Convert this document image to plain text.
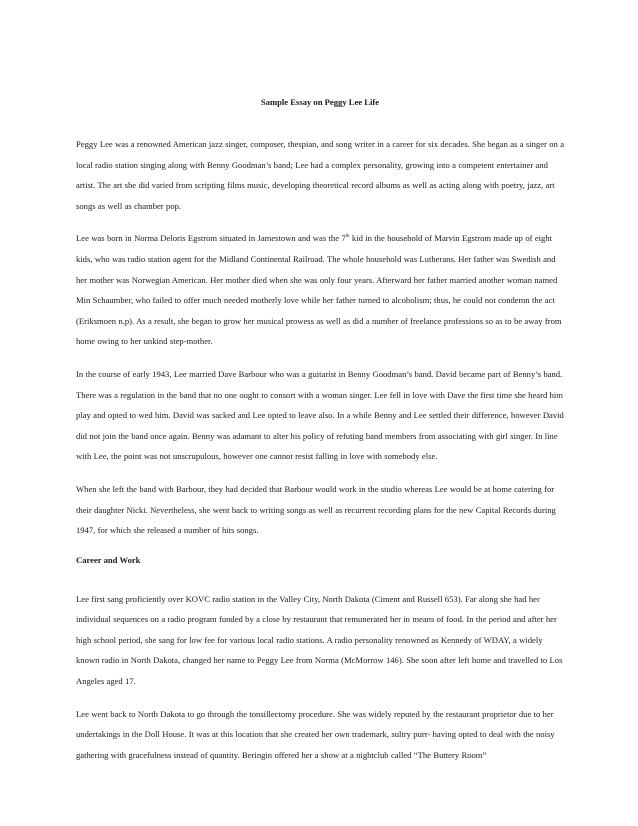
Sample Essay on Peggy Lee Life

Peggy Lee was a renowned American jazz singer, composer, thespian, and song writer in a career for six decades. She began as a singer on a local radio station singing along with Benny Goodman’s band; Lee had a complex personality, growing into a competent entertainer and artist. The art she did varied from scripting films music, developing theoretical record albums as well as acting along with poetry, jazz, art songs as well as chamber pop.

Lee was born in Norma Deloris Egstrom situated in Jamestown and was the 7th kid in the household of Marvin Egstrom made up of eight kids, who was radio station agent for the Midland Continental Railroad. The whole household was Lutherans. Her father was Swedish and her mother was Norwegian American. Her mother died when she was only four years. Afterward her father married another woman named Min Schaumber, who failed to offer much needed motherly love while her father turned to alcoholism; thus, he could not condemn the act (Eriksmoen n.p). As a result, she began to grow her musical prowess as well as did a number of freelance professions so as to be away from home owing to her unkind step-mother.

In the course of early 1943, Lee married Dave Barbour who was a guitarist in Benny Goodman’s band. David became part of Benny’s band. There was a regulation in the band that no one ought to consort with a woman singer. Lee fell in love with Dave the first time she heard him play and opted to wed him. David was sacked and Lee opted to leave also. In a while Benny and Lee settled their difference, however David did not join the band once again. Benny was adamant to alter his policy of refuting band members from associating with girl singer. In line with Lee, the point was not unscrupulous, however one cannot resist falling in love with somebody else.

When she left the band with Barbour, they had decided that Barbour would work in the studio whereas Lee would be at home catering for their daughter Nicki. Nevertheless, she went back to writing songs as well as recurrent recording plans for the new Capital Records during 1947, for which she released a number of hits songs.

Career and Work

Lee first sang proficiently over KOVC radio station in the Valley City, North Dakota (Ciment and Russell 653). Far along she had her individual sequences on a radio program funded by a close by restaurant that remunerated her in means of food. In the period and after her high school period, she sang for low fee for various local radio stations. A radio personality renowned as Kennedy of WDAY, a widely known radio in North Dakota, changed her name to Peggy Lee from Norma (McMorrow 146). She soon after left home and travelled to Los Angeles aged 17.

Lee went back to North Dakota to go through the tonsillectomy procedure. She was widely reputed by the restaurant proprietor due to her undertakings in the Doll House. It was at this location that she created her own trademark, sultry purr- having opted to deal with the noisy gathering with gracefulness instead of quantity. Beringin offered her a show at a nightclub called “The Buttery Room”
